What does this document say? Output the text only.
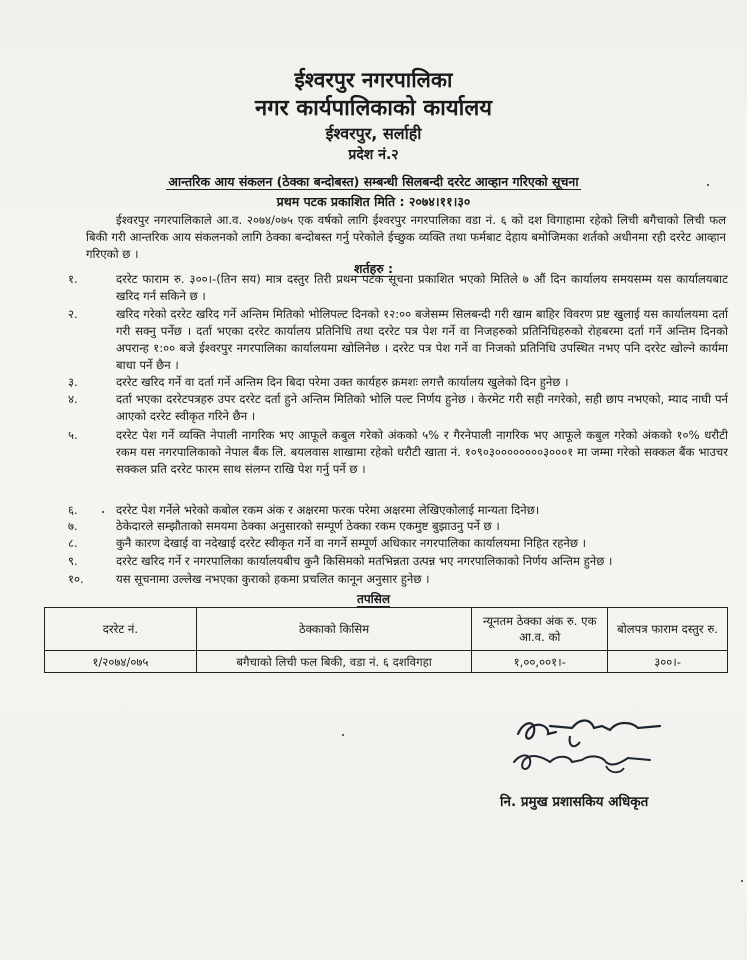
ईश्वरपुर नगरपालिका
नगर कार्यपालिकाको कार्यालय
ईश्वरपुर, सर्लाही
प्रदेश नं.२
आन्तरिक आय संकलन (ठेक्का बन्दोबस्त) सम्बन्धी सिलबन्दी दररेट आव्हान गरिएको सूचना
प्रथम पटक प्रकाशित मिति : २०७४।११।३०
ईश्वरपुर नगरपालिकाले आ.व. २०७४/०७५ एक वर्षको लागि ईश्वरपुर नगरपालिका वडा नं. ६ को दश विगाहामा रहेको लिची बगैचाको लिची फल बिकी गरी आन्तरिक आय संकलनको लागि ठेक्का बन्दोबस्त गर्नु परेकोले ईच्छुक व्यक्ति तथा फर्मबाट देहाय बमोजिमका शर्तको अधीनमा रही दररेट आव्हान गरिएको छ ।
शर्तहरु :
१.	दररेट फाराम रु. ३००।-(तिन सय) मात्र दस्तुर तिरी प्रथम पटक सूचना प्रकाशित भएको मितिले ७ औं दिन कार्यालय समयसम्म यस कार्यालयबाट खरिद गर्न सकिने छ ।
२.	खरिद गरेको दररेट खरिद गर्ने अन्तिम मितिको भोलिपल्ट दिनको १२:०० बजेसम्म सिलबन्दी गरी खाम बाहिर विवरण प्रष्ट खुलाई यस कार्यालयमा दर्ता गरी सक्नु पर्नेछ । दर्ता भएका दररेट कार्यालय प्रतिनिधि तथा दररेट पत्र पेश गर्ने वा निजहरुको प्रतिनिधिहरुको रोहबरमा दर्ता गर्ने अन्तिम दिनको अपरान्ह १:०० बजे ईश्वरपुर नगरपालिका कार्यालयमा खोलिनेछ । दररेट पत्र पेश गर्ने वा निजको प्रतिनिधि उपस्थित नभए पनि दररेट खोल्ने कार्यमा बाधा पर्ने छैन ।
३.	दररेट खरिद गर्ने वा दर्ता गर्ने अन्तिम दिन बिदा परेमा उक्त कार्यहरु क्रमशः लगत्तै कार्यालय खुलेको दिन हुनेछ ।
४.	दर्ता भएका दररेटपत्रहरु उपर दररेट दर्ता हुने अन्तिम मितिको भोलि पल्ट निर्णय हुनेछ । केरमेट गरी सही नगरेको, सही छाप नभएको, म्याद नाघी पर्न आएको दररेट स्वीकृत गरिने छैन ।
५.	दररेट पेश गर्ने व्यक्ति नेपाली नागरिक भए आफूले कबुल गरेको अंकको ५% र गैरनेपाली नागरिक भए आफूले कबुल गरेको अंकको १०% धरौटी रकम यस नगरपालिकाको नेपाल बैंक लि. बयलवास शाखामा रहेको धरौटी खाता नं. १०९०३००००००००३०००१ मा जम्मा गरेको सक्कल बैंक भाउचर सक्कल प्रति दररेट फारम साथ संलग्न राखि पेश गर्नु पर्ने छ ।
६.	दररेट पेश गर्नेले भरेको कबोल रकम अंक र अक्षरमा फरक परेमा अक्षरमा लेखिएकोलाई मान्यता दिनेछ।
७.	ठेकेदारले सम्झौताको समयमा ठेक्का अनुसारको सम्पूर्ण ठेक्का रकम एकमुष्ट बुझाउनु पर्ने छ ।
८.	कुनै कारण देखाई वा नदेखाई दररेट स्वीकृत गर्ने वा नगर्ने सम्पूर्ण अधिकार नगरपालिका कार्यालयमा निहित रहनेछ ।
९.	दररेट खरिद गर्ने र नगरपालिका कार्यालयबीच कुनै किसिमको मतभिन्नता उत्पन्न भए नगरपालिकाको निर्णय अन्तिम हुनेछ ।
१०.	यस सूचनामा उल्लेख नभएका कुराको हकमा प्रचलित कानून अनुसार हुनेछ ।
तपसिल
दररेट नं.	ठेक्काको किसिम	न्यूनतम ठेक्का अंक रु. एक आ.व. को	बोलपत्र फाराम दस्तुर रु.
१/२०७४/०७५	बगैचाको लिची फल बिकी, वडा नं. ६ दशविगहा	१,००,००१।-	३००।-
नि. प्रमुख प्रशासकिय अधिकृत
